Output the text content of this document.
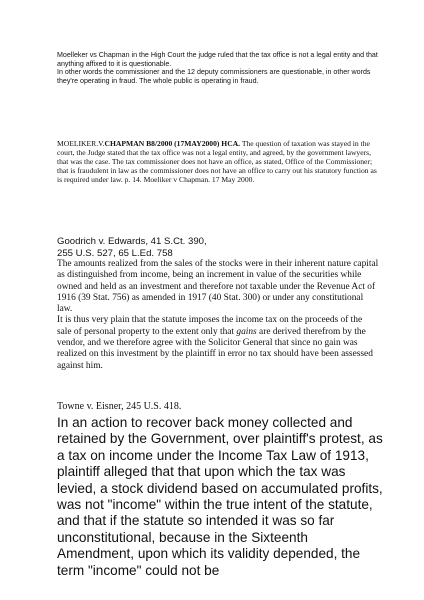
Moelleker vs Chapman in the High Court the judge ruled that the tax office is not a legal entity and that anything affixed to it is questionable.

In other words the commissioner and the 12 deputy commissioners are questionable, in other words they're operating in fraud. The whole public is operating in fraud.

MOELIKER.V.CHAPMAN B8/2000 (17MAY2000) HCA. The question of taxation was stayed in the court, the Judge stated that the tax office was not a legal entity, and agreed, by the government lawyers, that was the case. The tax commissioner does not have an office, as stated, Office of the Commissioner; that is fraudulent in law as the commissioner does not have an office to carry out his statutory function as is required under law. p. 14. Moeliker v Chapman. 17 May 2000.

Goodrich v. Edwards, 41 S.Ct. 390,

255 U.S. 527, 65 L.Ed. 758

The amounts realized from the sales of the stocks were in their inherent nature capital as distinguished from income, being an increment in value of the securities while owned and held as an investment and therefore not taxable under the Revenue Act of 1916 (39 Stat. 756) as amended in 1917 (40 Stat. 300) or under any constitutional law.

It is thus very plain that the statute imposes the income tax on the proceeds of the sale of personal property to the extent only that gains are derived therefrom by the vendor, and we therefore agree with the Solicitor General that since no gain was realized on this investment by the plaintiff in error no tax should have been assessed against him.

Towne v. Eisner, 245 U.S. 418.
In an action to recover back money collected and retained by the Government, over plaintiff's protest, as a tax on income under the Income Tax Law of 1913, plaintiff alleged that that upon which the tax was levied, a stock dividend based on accumulated profits, was not "income" within the true intent of the statute, and that if the statute so intended it was so far unconstitutional, because in the Sixteenth Amendment, upon which its validity depended, the term "income" could not be
